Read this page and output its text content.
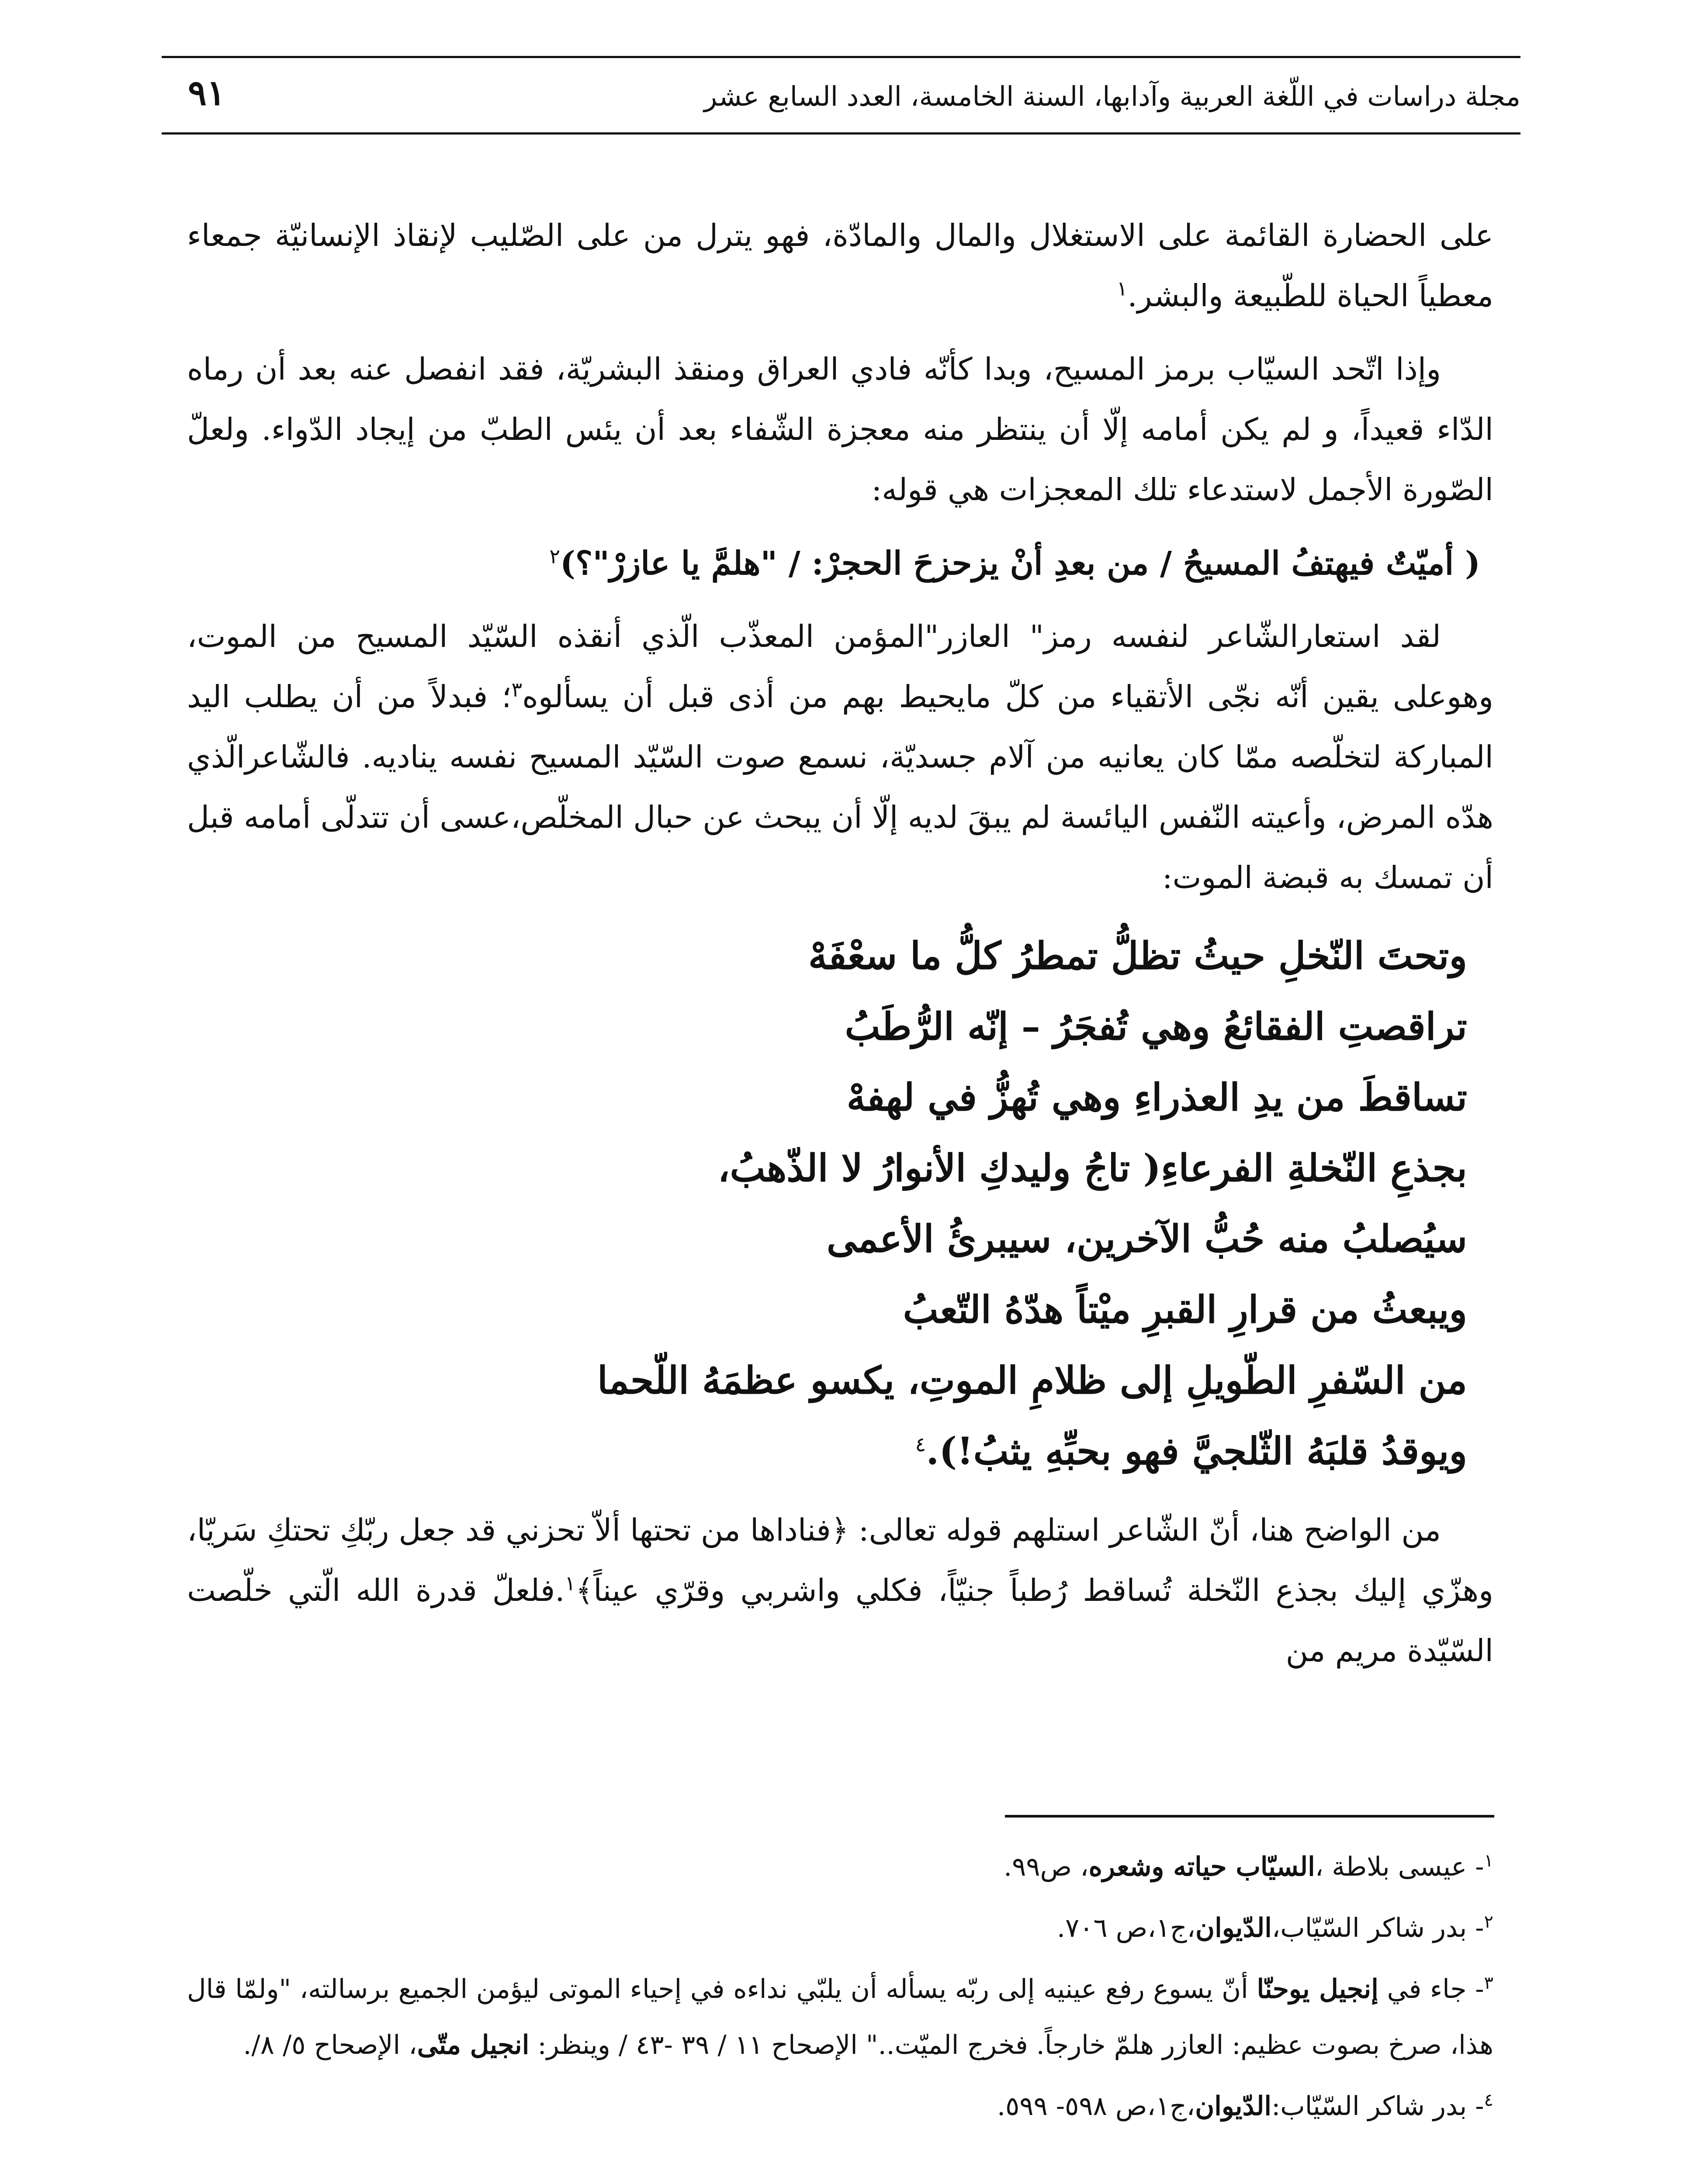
مجلة دراسات في اللّغة العربية وآدابها، السنة الخامسة، العدد السابع عشر
٩١

على الحضارة القائمة على الاستغلال والمال والمادّة، فهو يترل من على الصّليب لإنقاذ الإنسانيّة جمعاء معطياً الحياة للطّبيعة والبشر.$^١$

وإذا اتّحد السيّاب برمز المسيح، وبدا كأنّه فادي العراق ومنقذ البشريّة، فقد انفصل عنه بعد أن رماه الدّاء قعيداً، و لم يكن أمامه إلّا أن ينتظر منه معجزة الشّفاء بعد أن يئس الطبّ من إيجاد الدّواء. ولعلّ الصّورة الأجمل لاستدعاء تلك المعجزات هي قوله:

( أميّتٌ فيهتفُ المسيحُ / من بعدِ أنْ يزحزحَ الحجرْ: / "هلمَّ يا عازرْ"؟)$^٢$

لقد استعارالشّاعر لنفسه رمز" العازر"المؤمن المعذّب الّذي أنقذه السّيّد المسيح من الموت، وهوعلى يقين أنّه نجّى الأتقياء من كلّ مايحيط بهم من أذى قبل أن يسألوه$^٣$؛ فبدلاً من أن يطلب اليد المباركة لتخلّصه ممّا كان يعانيه من آلام جسديّة، نسمع صوت السّيّد المسيح نفسه يناديه. فالشّاعرالّذي هدّه المرض، وأعيته النّفس اليائسة لم يبقَ لديه إلّا أن يبحث عن حبال المخلّص،عسى أن تتدلّى أمامه قبل أن تمسك به قبضة الموت:

وتحتَ النّخلِ حيثُ تظلُّ تمطرُ كلُّ ما سعْفَهْ
تراقصتِ الفقائعُ وهي تُفجَرُ – إنّه الرُّطَبُ
تساقطَ من يدِ العذراءِ وهي تُهزُّ في لهفهْ
بجذعِ النّخلةِ الفرعاءِ( تاجُ وليدكِ الأنوارُ لا الذّهبُ،
سيُصلبُ منه حُبُّ الآخرين، سيبرئُ الأعمى
ويبعثُ من قرارِ القبرِ ميْتاً هدّهُ التّعبُ
من السّفرِ الطّويلِ إلى ظلامِ الموتِ، يكسو عظمَهُ اللّحما
ويوقدُ قلبَهُ الثّلجيَّ فهو بحبِّهِ يثبُ!).$^٤$

من الواضح هنا، أنّ الشّاعر استلهم قوله تعالى: ﴿فناداها من تحتها ألاّ تحزني قد جعل ربّكِ تحتكِ سَريّا، وهزّي إليك بجذع النّخلة تُساقط رُطباً جنيّاً، فكلي واشربي وقرّي عيناً﴾$^١$.فلعلّ قدرة الله الّتي خلّصت السّيّدة مريم من

$^١$- عيسى بلاطة ،السيّاب حياته وشعره، ص٩٩.

$^٢$- بدر شاكر السّيّاب،الدّيوان،ج١،ص ٧٠٦.

$^٣$- جاء في إنجيل يوحنّا أنّ يسوع رفع عينيه إلى ربّه يسأله أن يلبّي نداءه في إحياء الموتى ليؤمن الجميع برسالته، "ولمّا قال هذا، صرخ بصوت عظيم: العازر هلمّ خارجاً. فخرج الميّت.." الإصحاح ١١ / ٣٩ -٤٣ / وينظر: انجيل متّى، الإصحاح ٥/ ٨/.

$^٤$- بدر شاكر السّيّاب:الدّيوان،ج١،ص ٥٩٨- ٥٩٩.
